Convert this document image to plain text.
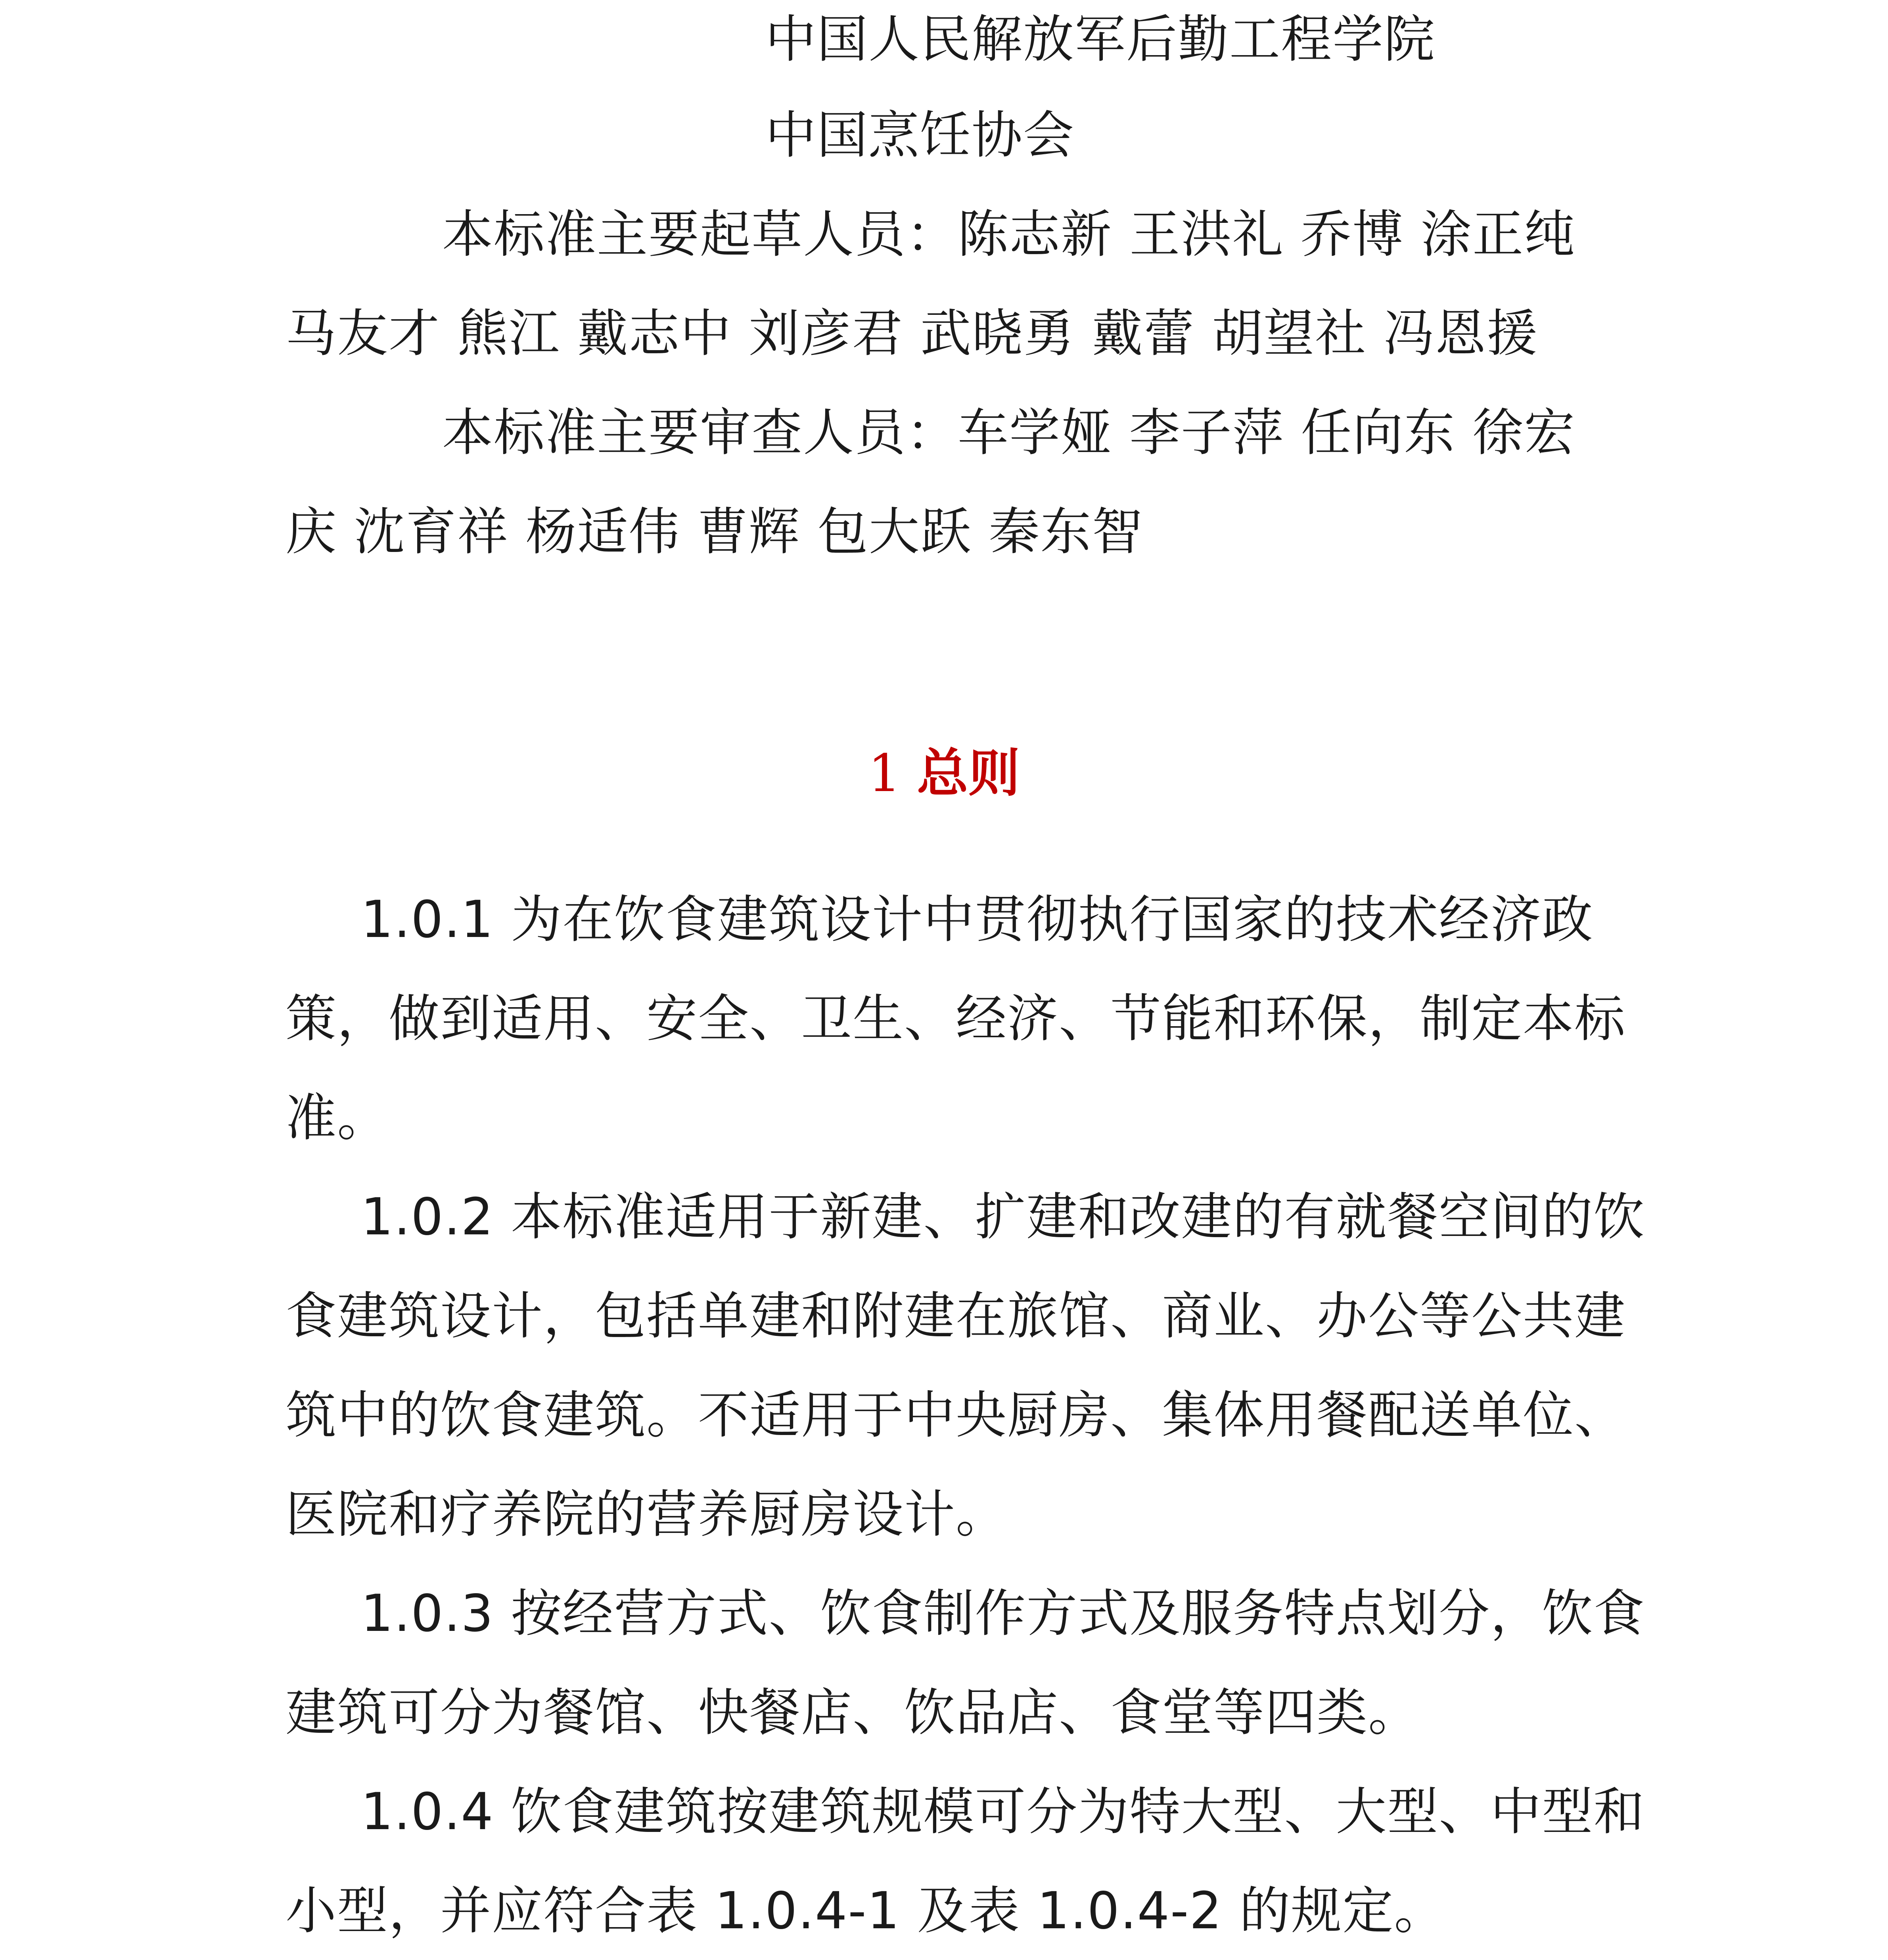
中国人民解放军后勤工程学院
中国烹饪协会
本标准主要起草人员：陈志新 王洪礼 乔博 涂正纯
马友才 熊江 戴志中 刘彦君 武晓勇 戴蕾 胡望社 冯恩援
本标准主要审查人员：车学娅 李子萍 任向东 徐宏
庆 沈育祥 杨适伟 曹辉 包大跃 秦东智
1 总则
1.0.1 为在饮食建筑设计中贯彻执行国家的技术经济政
策，做到适用、安全、卫生、经济、节能和环保，制定本标
准。
1.0.2 本标准适用于新建、扩建和改建的有就餐空间的饮
食建筑设计，包括单建和附建在旅馆、商业、办公等公共建
筑中的饮食建筑。不适用于中央厨房、集体用餐配送单位、
医院和疗养院的营养厨房设计。
1.0.3 按经营方式、饮食制作方式及服务特点划分，饮食
建筑可分为餐馆、快餐店、饮品店、食堂等四类。
1.0.4 饮食建筑按建筑规模可分为特大型、大型、中型和
小型，并应符合表 1.0.4-1 及表 1.0.4-2 的规定。
